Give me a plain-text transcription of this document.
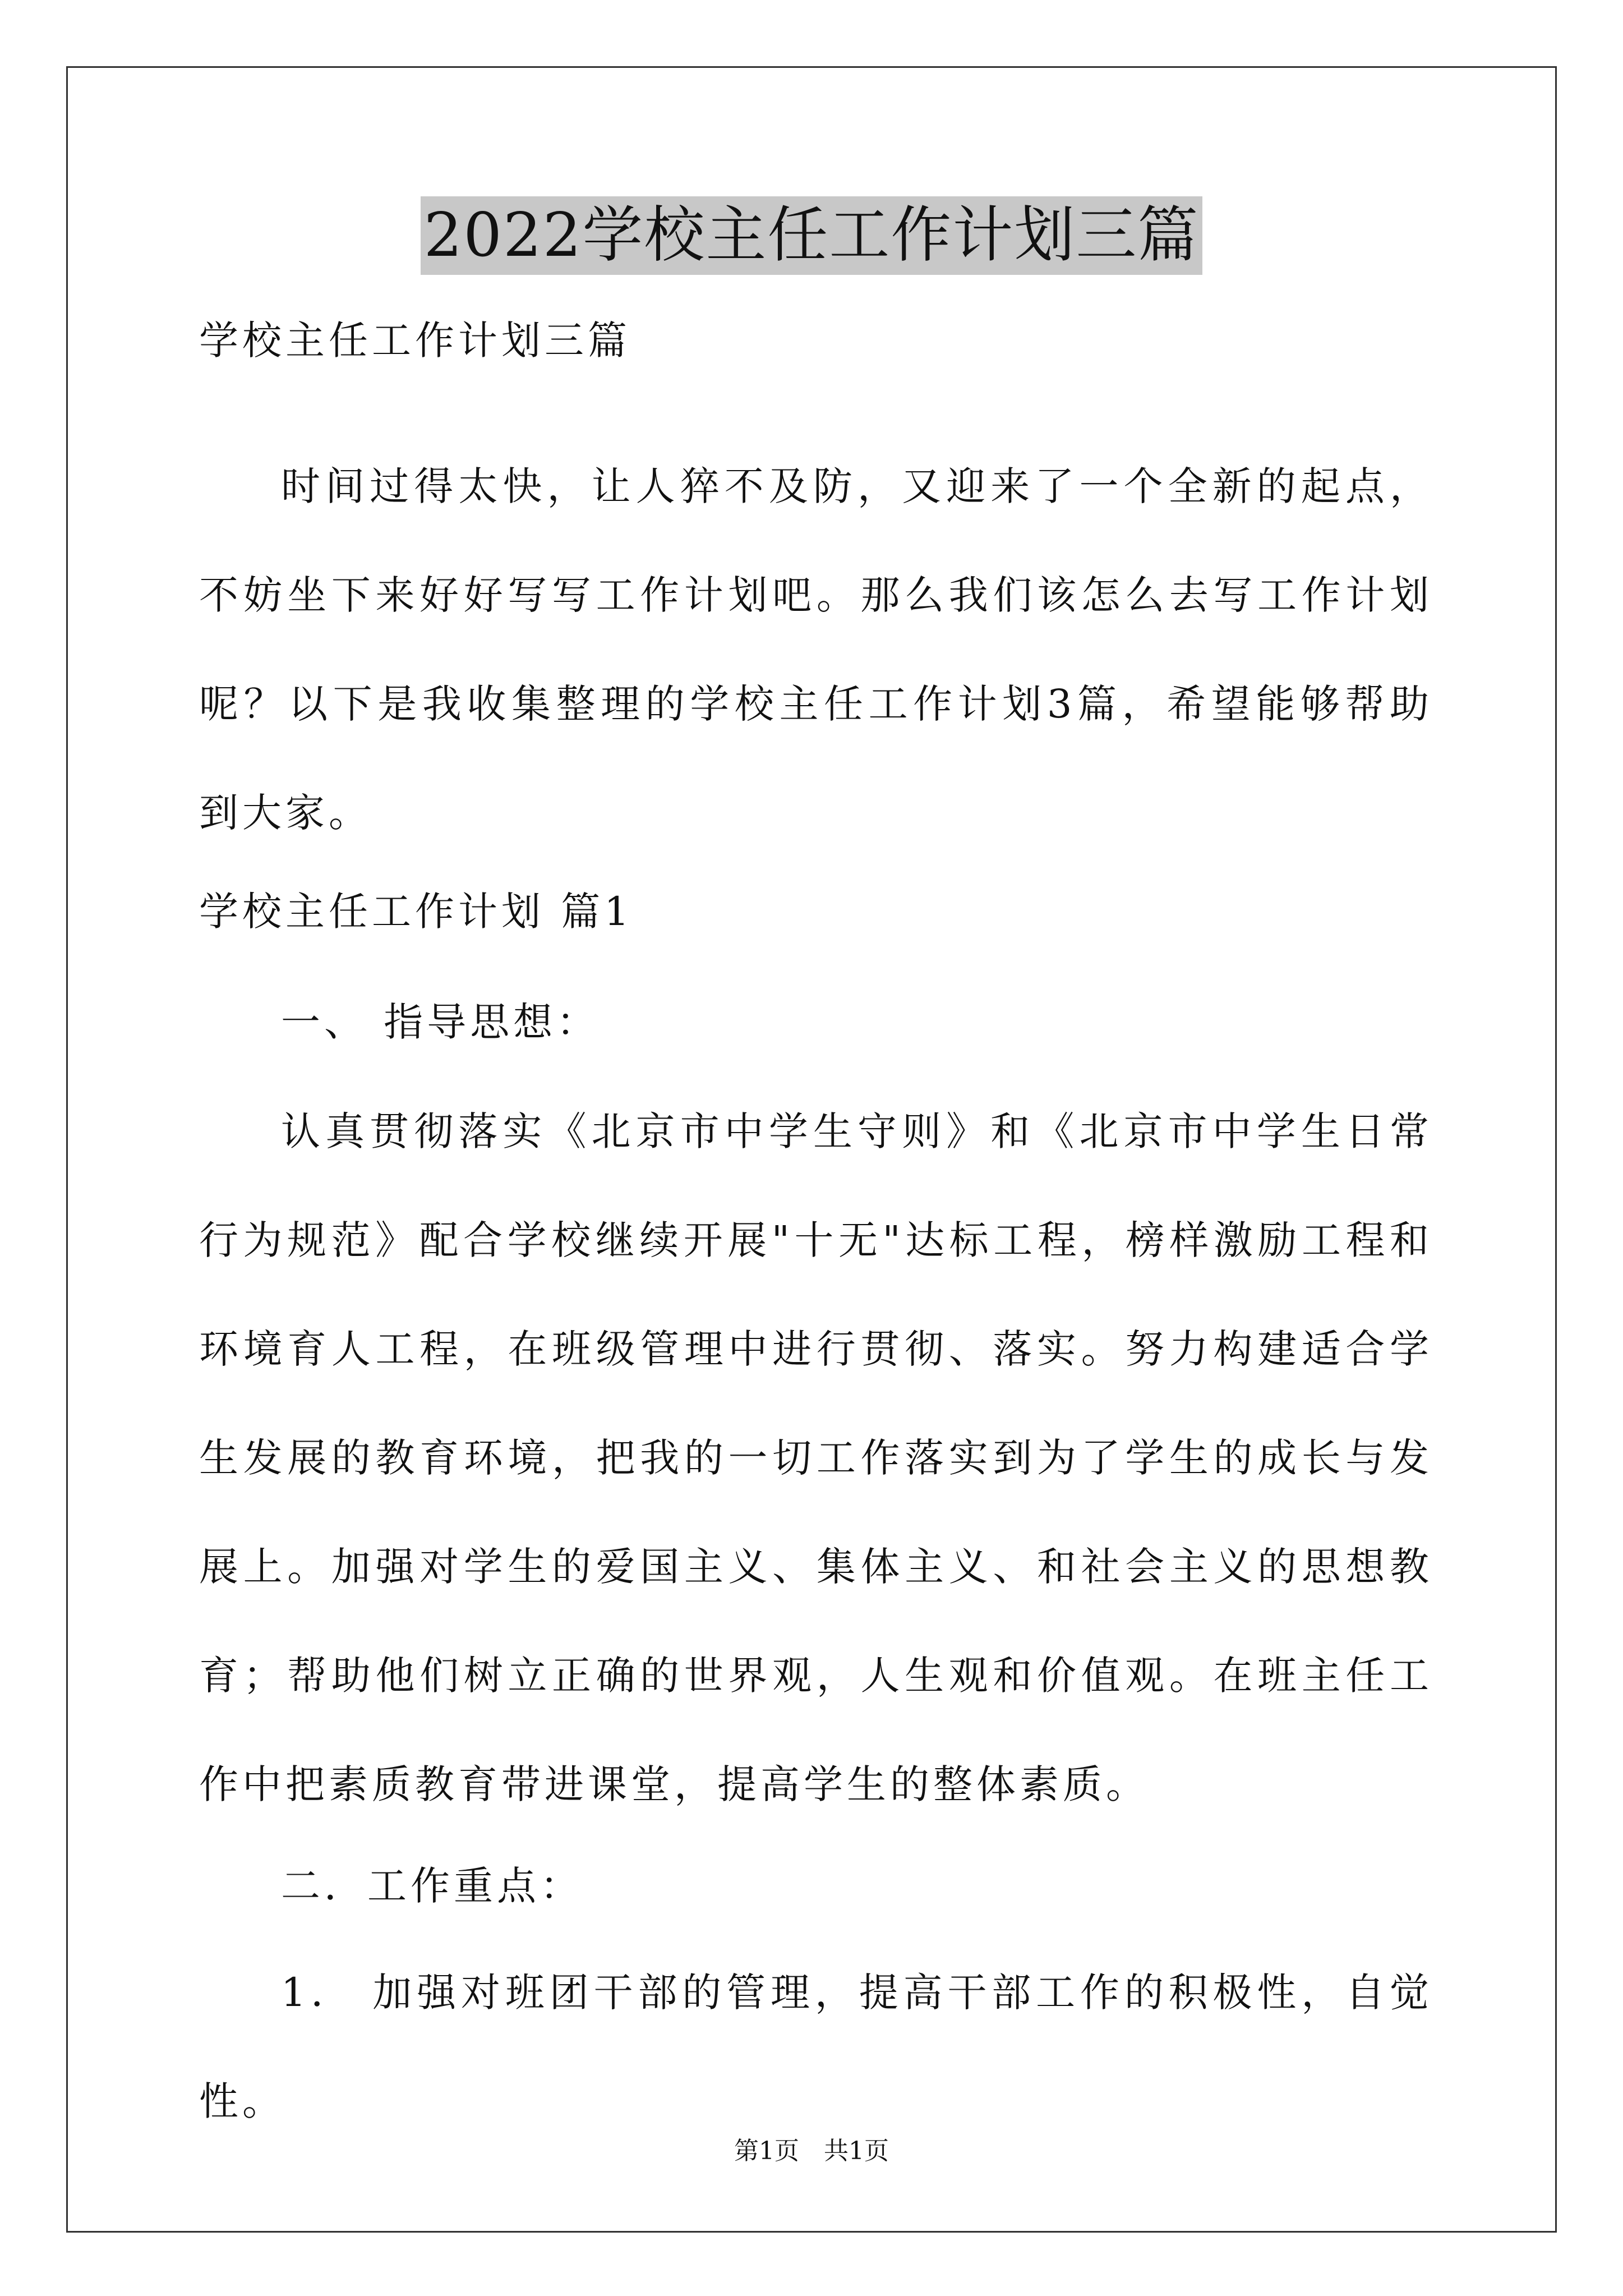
2022学校主任工作计划三篇
学校主任工作计划三篇
时间过得太快，让人猝不及防，又迎来了一个全新的起点，不妨坐下来好好写写工作计划吧。那么我们该怎么去写工作计划呢？以下是我收集整理的学校主任工作计划3篇，希望能够帮助到大家。
学校主任工作计划 篇1
一、 指导思想：
认真贯彻落实《北京市中学生守则》和《北京市中学生日常行为规范》配合学校继续开展"十无"达标工程，榜样激励工程和环境育人工程，在班级管理中进行贯彻、落实。努力构建适合学生发展的教育环境，把我的一切工作落实到为了学生的成长与发展上。加强对学生的爱国主义、集体主义、和社会主义的思想教育；帮助他们树立正确的世界观，人生观和价值观。在班主任工作中把素质教育带进课堂，提高学生的整体素质。
二．工作重点：
1． 加强对班团干部的管理，提高干部工作的积极性，自觉性。
第1页　共1页
